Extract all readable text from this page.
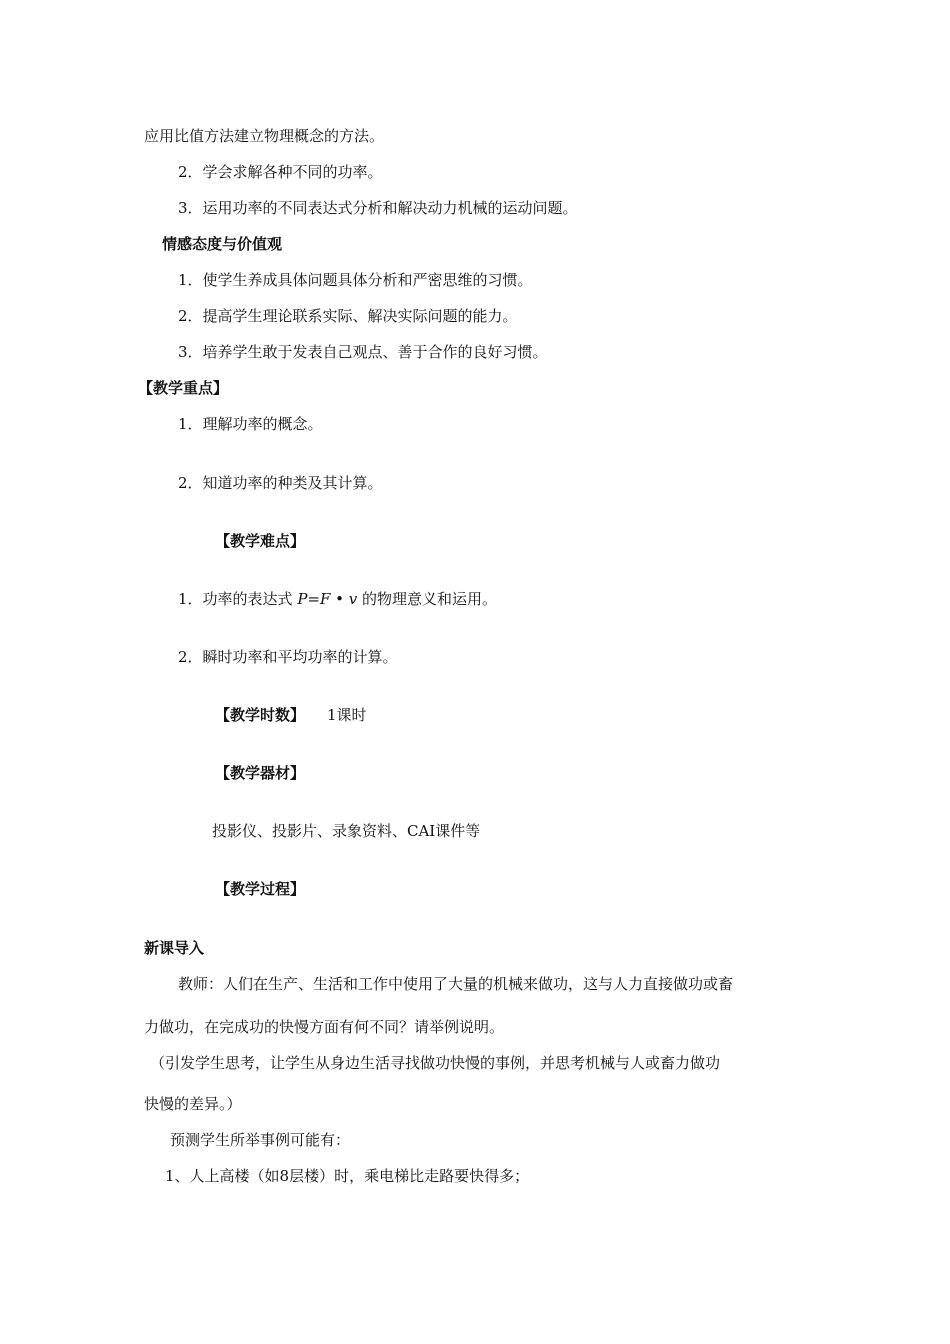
应用比值方法建立物理概念的方法。
2．学会求解各种不同的功率。
3．运用功率的不同表达式分析和解决动力机械的运动问题。
情感态度与价值观
1．使学生养成具体问题具体分析和严密思维的习惯。
2．提高学生理论联系实际、解决实际问题的能力。
3．培养学生敢于发表自己观点、善于合作的良好习惯。
【教学重点】
1．理解功率的概念。
2．知道功率的种类及其计算。
【教学难点】
1．功率的表达式 P=F • v 的物理意义和运用。
2．瞬时功率和平均功率的计算。
【教学时数】 1课时
【教学器材】
投影仪、投影片、录象资料、CAI课件等
【教学过程】
新课导入
教师：人们在生产、生活和工作中使用了大量的机械来做功，这与人力直接做功或畜
力做功，在完成功的快慢方面有何不同？请举例说明。
（引发学生思考，让学生从身边生活寻找做功快慢的事例，并思考机械与人或畜力做功
快慢的差异。）
预测学生所举事例可能有：
1、人上高楼（如8层楼）时，乘电梯比走路要快得多；
